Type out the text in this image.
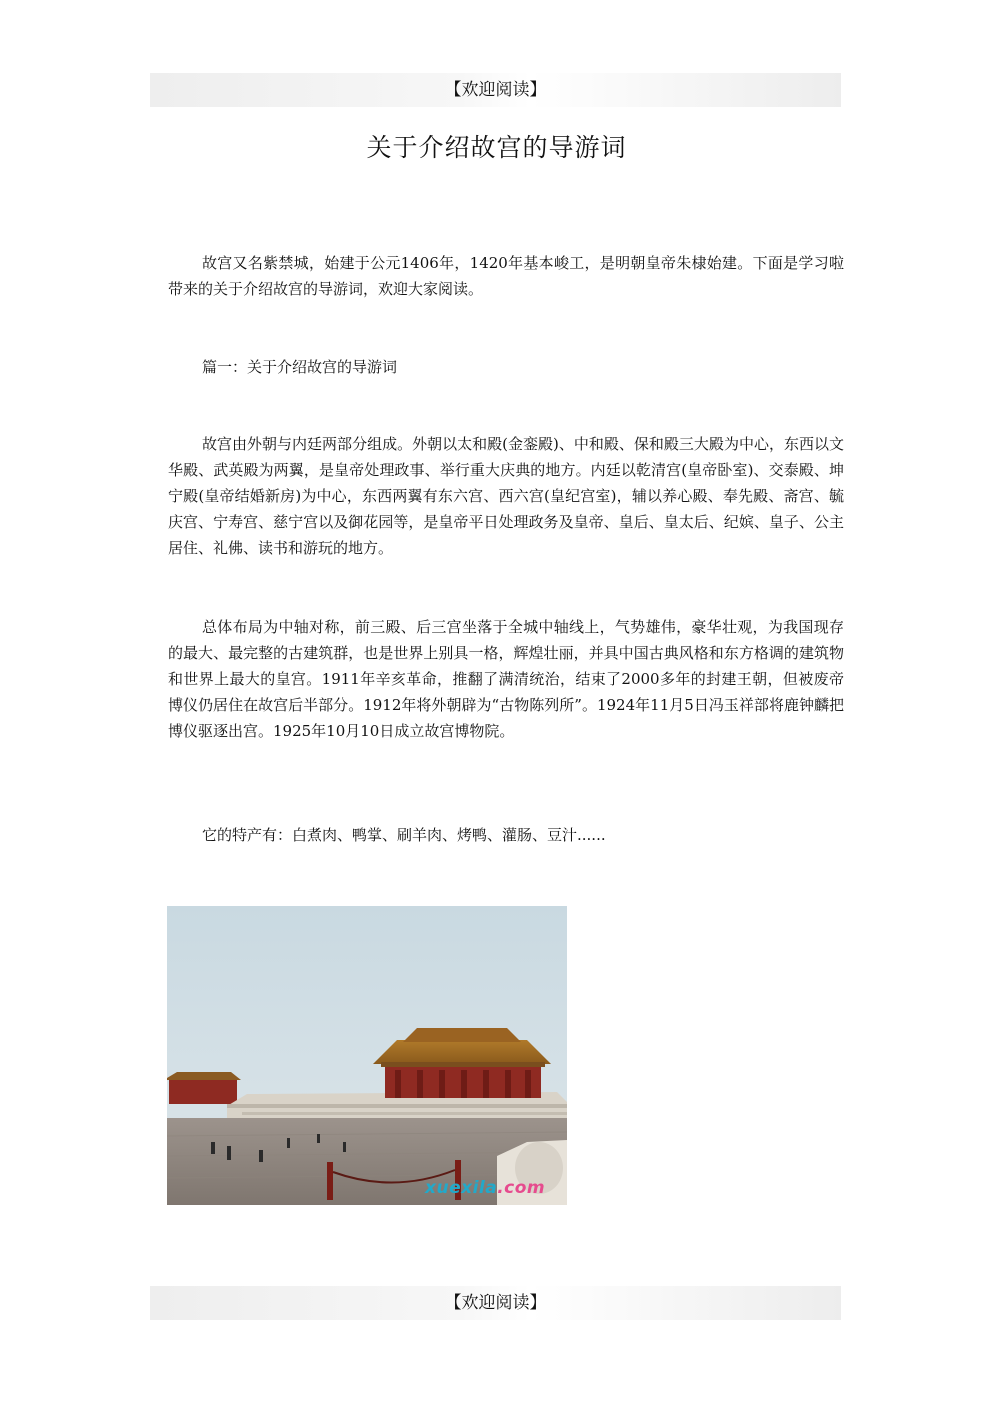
【欢迎阅读】
关于介绍故宫的导游词
故宫又名紫禁城，始建于公元1406年，1420年基本峻工，是明朝皇帝朱棣始建。下面是学习啦带来的关于介绍故宫的导游词，欢迎大家阅读。
篇一：关于介绍故宫的导游词
故宫由外朝与内廷两部分组成。外朝以太和殿(金銮殿)、中和殿、保和殿三大殿为中心，东西以文华殿、武英殿为两翼，是皇帝处理政事、举行重大庆典的地方。内廷以乾清宫(皇帝卧室)、交泰殿、坤宁殿(皇帝结婚新房)为中心，东西两翼有东六宫、西六宫(皇纪宫室)，辅以养心殿、奉先殿、斋宫、毓庆宫、宁寿宫、慈宁宫以及御花园等，是皇帝平日处理政务及皇帝、皇后、皇太后、纪嫔、皇子、公主居住、礼佛、读书和游玩的地方。
总体布局为中轴对称，前三殿、后三宫坐落于全城中轴线上，气势雄伟，豪华壮观，为我国现存的最大、最完整的古建筑群，也是世界上别具一格，辉煌壮丽，并具中国古典风格和东方格调的建筑物和世界上最大的皇宫。1911年辛亥革命，推翻了满清统治，结束了2000多年的封建王朝，但被废帝博仪仍居住在故宫后半部分。1912年将外朝辟为“古物陈列所”。1924年11月5日冯玉祥部将鹿钟麟把博仪驱逐出宫。1925年10月10日成立故宫博物院。
它的特产有：白煮肉、鸭掌、刷羊肉、烤鸭、灌肠、豆汁......
xuexila.com
【欢迎阅读】
